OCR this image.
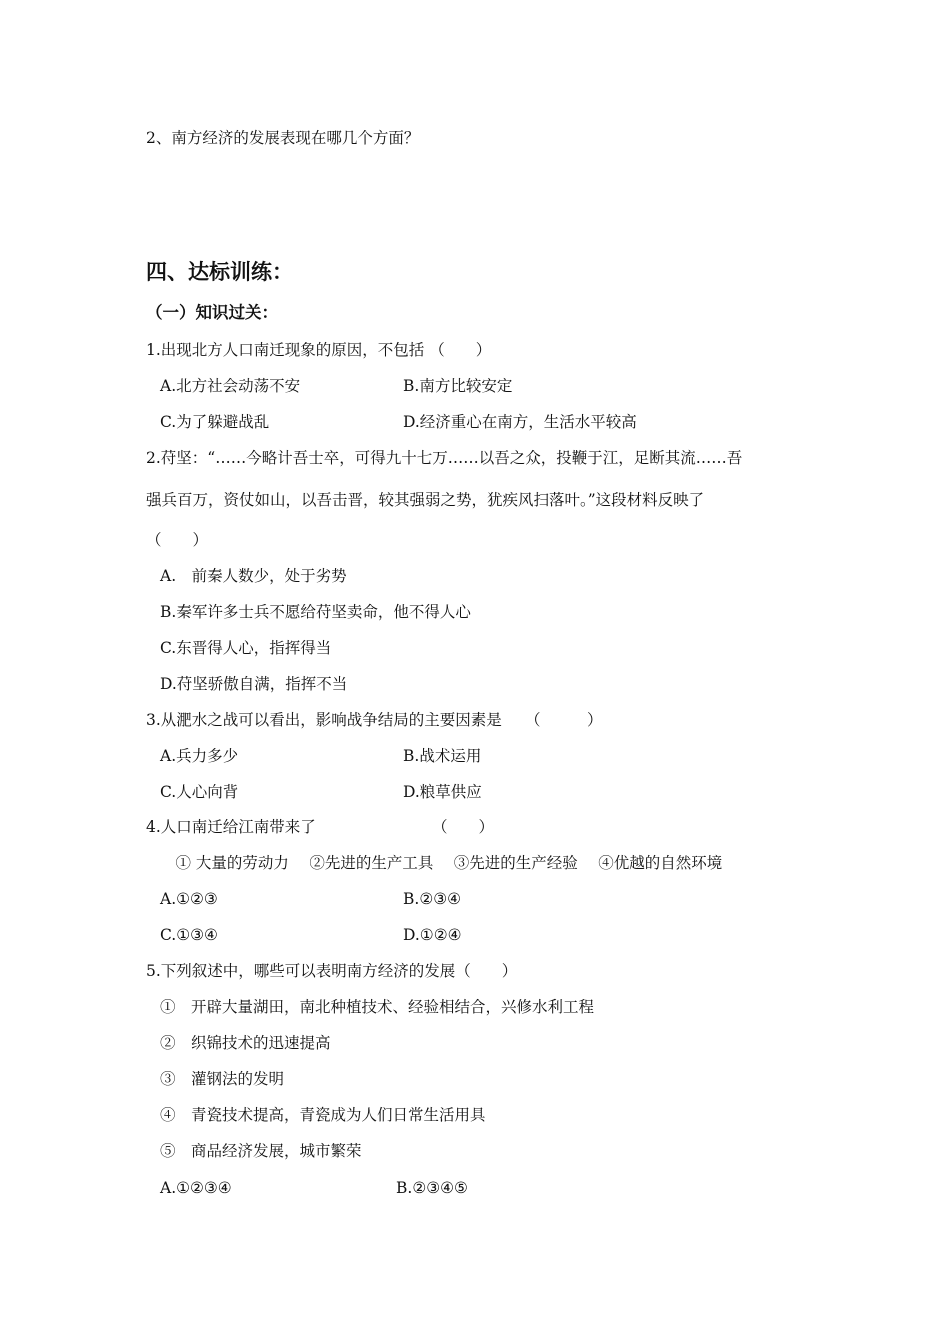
2、南方经济的发展表现在哪几个方面？
四、达标训练：
（一）知识过关：
1.出现北方人口南迁现象的原因，不包括 （　　）
A.北方社会动荡不安	B.南方比较安定
C.为了躲避战乱	D.经济重心在南方，生活水平较高
2.苻坚：“……今略计吾士卒，可得九十七万……以吾之众，投鞭于江，足断其流……吾
强兵百万，资仗如山，以吾击晋，较其强弱之势，犹疾风扫落叶。”这段材料反映了
（　　）
A.　前秦人数少，处于劣势
B.秦军许多士兵不愿给苻坚卖命，他不得人心
C.东晋得人心，指挥得当
D.苻坚骄傲自满，指挥不当
3.从淝水之战可以看出，影响战争结局的主要因素是　　（　　　）
A.兵力多少	B.战术运用
C.人心向背	D.粮草供应
4.人口南迁给江南带来了　　　　　　　　（　　）
　① 大量的劳动力　 ②先进的生产工具　 ③先进的生产经验　 ④优越的自然环境
A.①②③	B.②③④
C.①③④	D.①②④
5.下列叙述中，哪些可以表明南方经济的发展（　　）
①　开辟大量湖田，南北种植技术、经验相结合，兴修水利工程
②　织锦技术的迅速提高
③　灌钢法的发明
④　青瓷技术提高，青瓷成为人们日常生活用具
⑤　商品经济发展，城市繁荣
A.①②③④	B.②③④⑤
